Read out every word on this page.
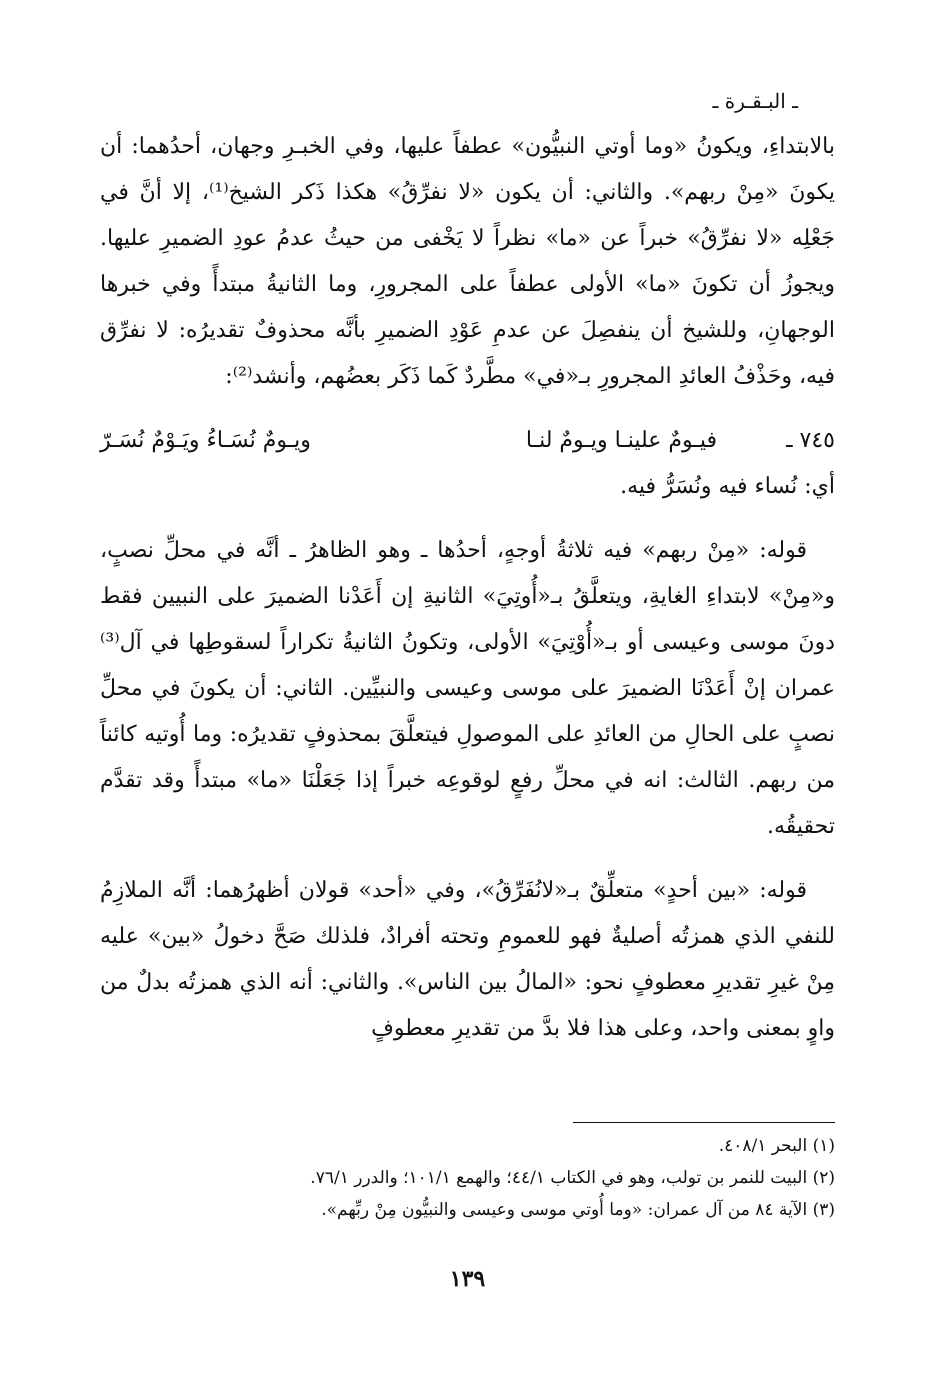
ـ البـقـرة ـ

بالابتداءِ، ويكونُ «وما أوتي النبيُّون» عطفاً عليها، وفي الخبـرِ وجهان، أحدُهما: أن يكونَ «مِنْ ربهم». والثاني: أن يكون «لا نفرِّقُ» هكذا ذَكر الشيخ⁽¹⁾، إلا أنَّ في جَعْلِه «لا نفرِّقُ» خبراً عن «ما» نظراً لا يَخْفى من حيثُ عدمُ عودِ الضميرِ عليها. ويجوزُ أن تكونَ «ما» الأولى عطفاً على المجرورِ، وما الثانيةُ مبتدأً وفي خبرها الوجهانِ، وللشيخ أن ينفصِلَ عن عدمِ عَوْدِ الضميرِ بأنَّه محذوفٌ تقديرُه: لا نفرِّق فيه، وحَذْفُ العائدِ المجرورِ بـ«في» مطَّردٌ كَما ذَكَر بعضُهم، وأنشد⁽²⁾:

٧٤٥ ـ
فيـومٌ علينـا ويـومٌ لنـا
ويـومٌ نُسَـاءُ ويَـوْمٌ نُسَـرّ

أي: نُساء فيه ونُسَرُّ فيه.

قوله: «مِنْ ربهم» فيه ثلاثةُ أوجهٍ، أحدُها ـ وهو الظاهرُ ـ أنَّه في محلِّ نصبٍ، و«مِنْ» لابتداءِ الغايةِ، ويتعلَّقُ بـ«أُوتِيَ» الثانيةِ إن أَعَدْنا الضميرَ على النبيين فقط دونَ موسى وعيسى أو بـ«أُوْتِيَ» الأولى، وتكونُ الثانيةُ تكراراً لسقوطِها في آل⁽³⁾ عمران إنْ أَعَدْنَا الضميرَ على موسى وعيسى والنبيِّين. الثاني: أن يكونَ في محلِّ نصبٍ على الحالِ من العائدِ على الموصولِ فيتعلَّقَ بمحذوفٍ تقديرُه: وما أُوتيه كائناً من ربهم. الثالث: انه في محلِّ رفعٍ لوقوعِه خبراً إذا جَعَلْنَا «ما» مبتدأً وقد تقدَّم تحقيقُه.

قوله: «بين أحدٍ» متعلِّقٌ بـ«لانُفَرِّقُ»، وفي «أحد» قولان أظهرُهما: أنَّه الملازِمُ للنفي الذي همزتُه أصليةٌ فهو للعمومِ وتحته أفرادٌ، فلذلك صَحَّ دخولُ «بين» عليه مِنْ غيرِ تقديرِ معطوفٍ نحو: «المالُ بين الناس». والثاني: أنه الذي همزتُه بدلٌ من واوٍ بمعنى واحد، وعلى هذا فلا بدَّ من تقديرِ معطوفٍ

(١) البحر ٤٠٨/١.

(٢) البيت للنمر بن تولب، وهو في الكتاب ٤٤/١؛ والهمع ١٠١/١؛ والدرر ٧٦/١.

(٣) الآية ٨٤ من آل عمران: «وما أُوتي موسى وعيسى والنبيُّون مِنْ ربِّهم».

١٣٩
